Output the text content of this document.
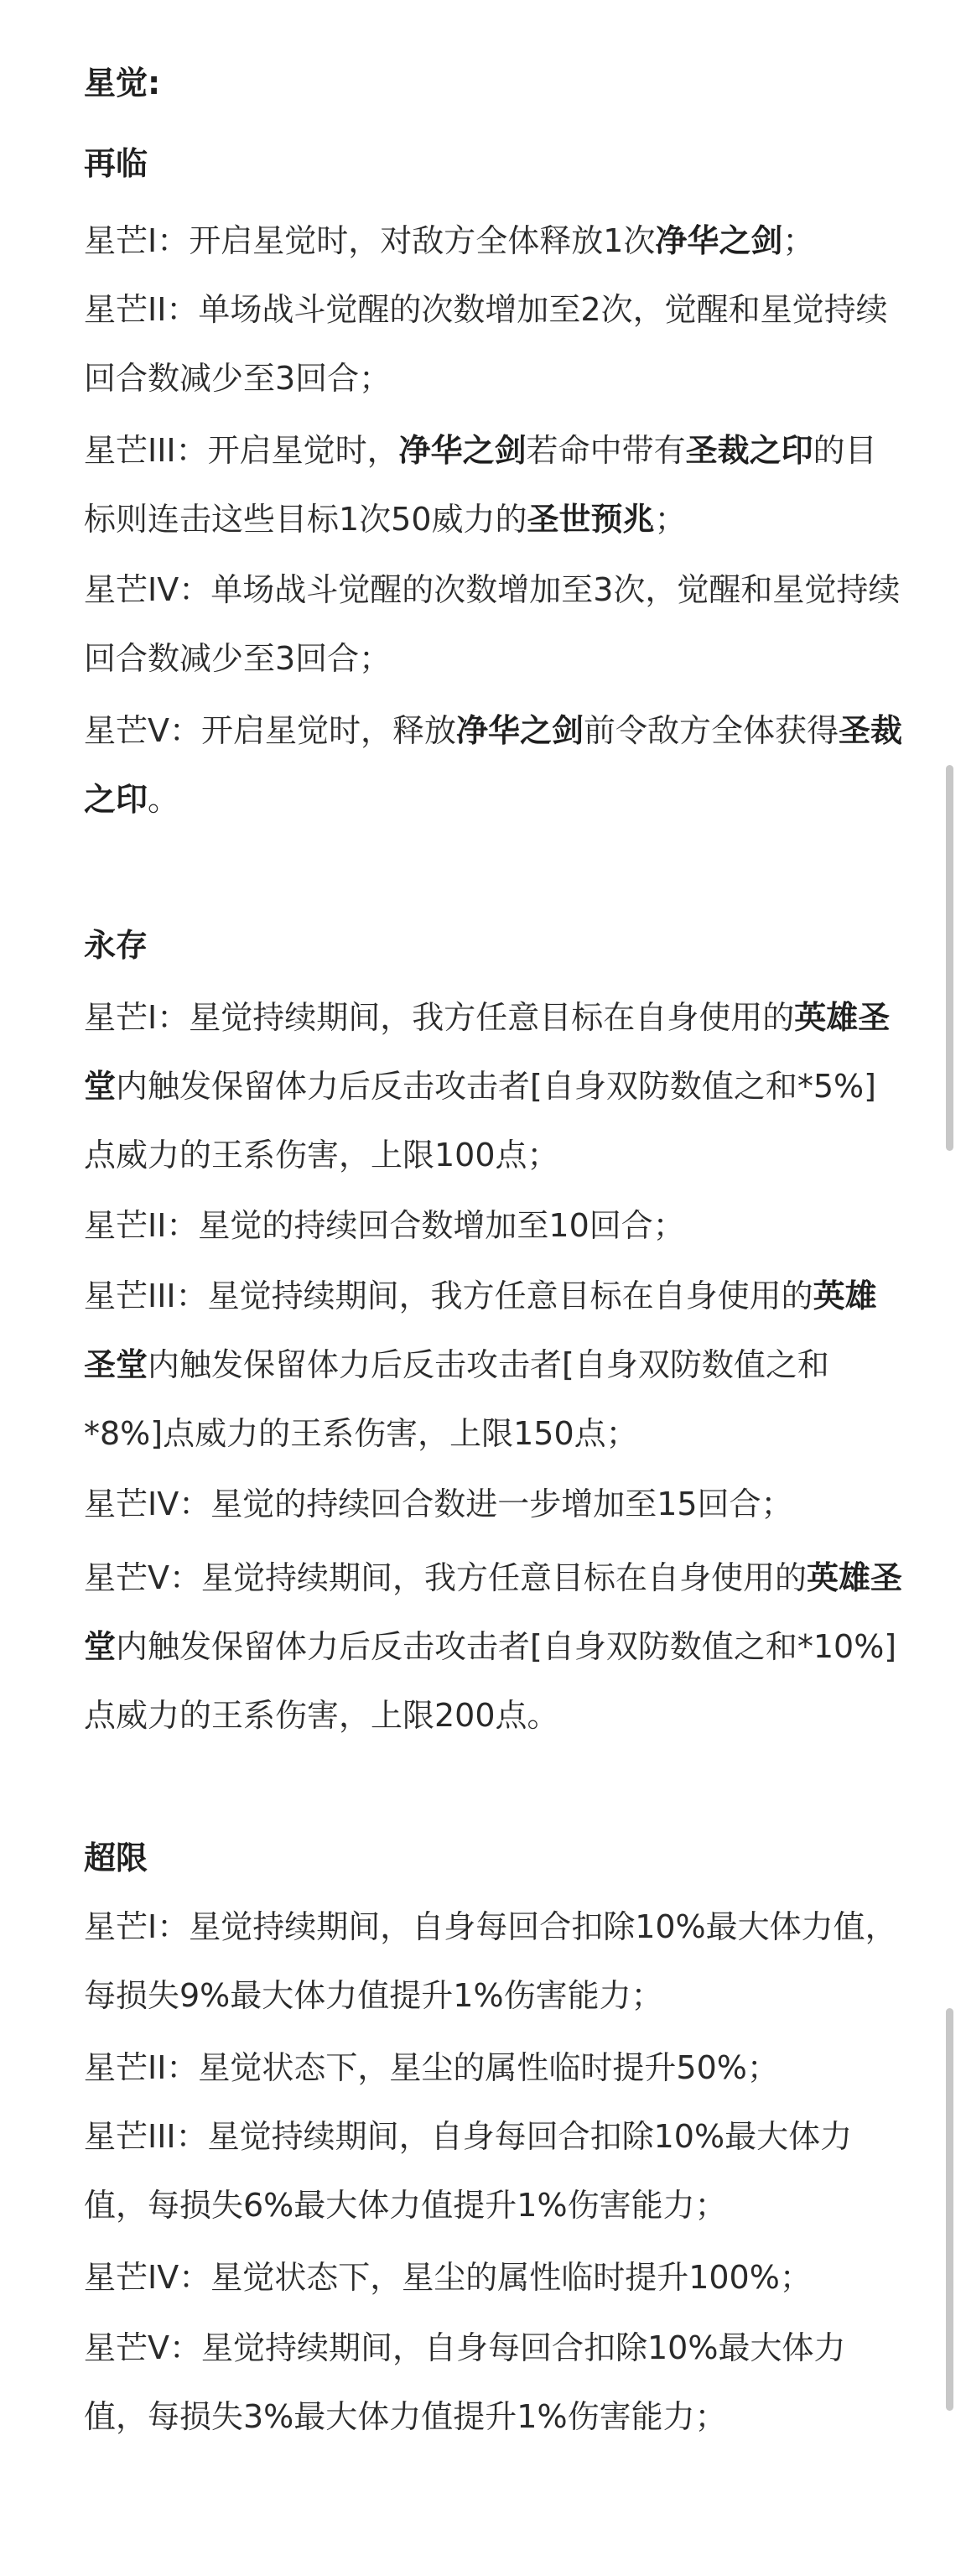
星觉:
再临
星芒I：开启星觉时，对敌方全体释放1次净华之剑；
星芒II：单场战斗觉醒的次数增加至2次，觉醒和星觉持续回合数减少至3回合；
星芒III：开启星觉时，净华之剑若命中带有圣裁之印的目标则连击这些目标1次50威力的圣世预兆；
星芒IV：单场战斗觉醒的次数增加至3次，觉醒和星觉持续回合数减少至3回合；
星芒V：开启星觉时，释放净华之剑前令敌方全体获得圣裁之印。
永存
星芒I：星觉持续期间，我方任意目标在自身使用的英雄圣堂内触发保留体力后反击攻击者[自身双防数值之和*5%]点威力的王系伤害，上限100点；
星芒II：星觉的持续回合数增加至10回合；
星芒III：星觉持续期间，我方任意目标在自身使用的英雄圣堂内触发保留体力后反击攻击者[自身双防数值之和*8%]点威力的王系伤害，上限150点；
星芒IV：星觉的持续回合数进一步增加至15回合；
星芒V：星觉持续期间，我方任意目标在自身使用的英雄圣堂内触发保留体力后反击攻击者[自身双防数值之和*10%]点威力的王系伤害，上限200点。
超限
星芒I：星觉持续期间，自身每回合扣除10%最大体力值，每损失9%最大体力值提升1%伤害能力；
星芒II：星觉状态下，星尘的属性临时提升50%；
星芒III：星觉持续期间，自身每回合扣除10%最大体力值，每损失6%最大体力值提升1%伤害能力；
星芒IV：星觉状态下，星尘的属性临时提升100%；
星芒V：星觉持续期间，自身每回合扣除10%最大体力值，每损失3%最大体力值提升1%伤害能力；
